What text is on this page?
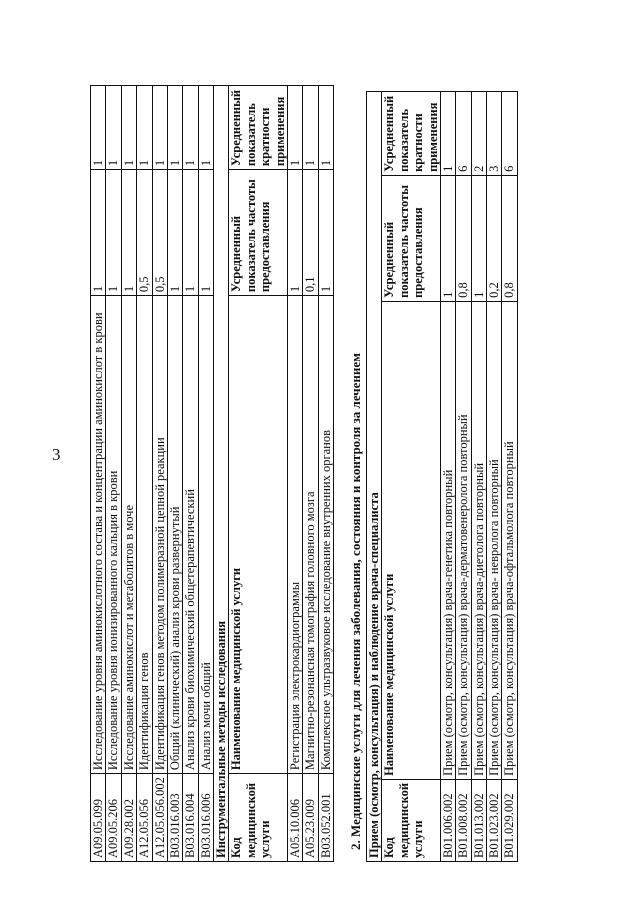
3
A09.05.099	Исследование уровня аминокислотного состава и концентрации аминокислот в крови	1	1
A09.05.206	Исследование уровня ионизированного кальция в крови	1	1
A09.28.002	Исследование аминокислот и метаболитов в моче	1	1
A12.05.056	Идентификация генов	0,5	1
A12.05.056.002	Идентификация генов методом полимеразной цепной реакции	0,5	1
B03.016.003	Общий (клинический) анализ крови развернутый	1	1
B03.016.004	Анализ крови биохимический общетерапевтический	1	1
B03.016.006	Анализ мочи общий	1	1
Инструментальные методы исследования			
Код медицинской услуги	Наименование медицинской услуги	Усредненный показатель частоты предоставления	Усредненный показатель кратности применения
A05.10.006	Регистрация электрокардиограммы	1	1
A05.23.009	Магнитно-резонансная томография головного мозга	0,1	1
B03.052.001	Комплексное ультразвуковое исследование внутренних органов	1	1
2. Медицинские услуги для лечения заболевания, состояния и контроля за лечением Прием (осмотр, консультация) и наблюдение врача-специалиста			
Код медицинской услуги	Наименование медицинской услуги	Усредненный показатель частоты предоставления	Усредненный показатель кратности применения
B01.006.002	Прием (осмотр, консультация) врача-генетика повторный	1	1
B01.008.002	Прием (осмотр, консультация) врача-дерматовенеролога повторный	0,8	6
B01.013.002	Прием (осмотр, консультация) врача-диетолога повторный	1	2
B01.023.002	Прием (осмотр, консультация) врача- невролога повторный	0,2	3
B01.029.002	Прием (осмотр, консультация) врача-офтальмолога повторный	0,8	6
